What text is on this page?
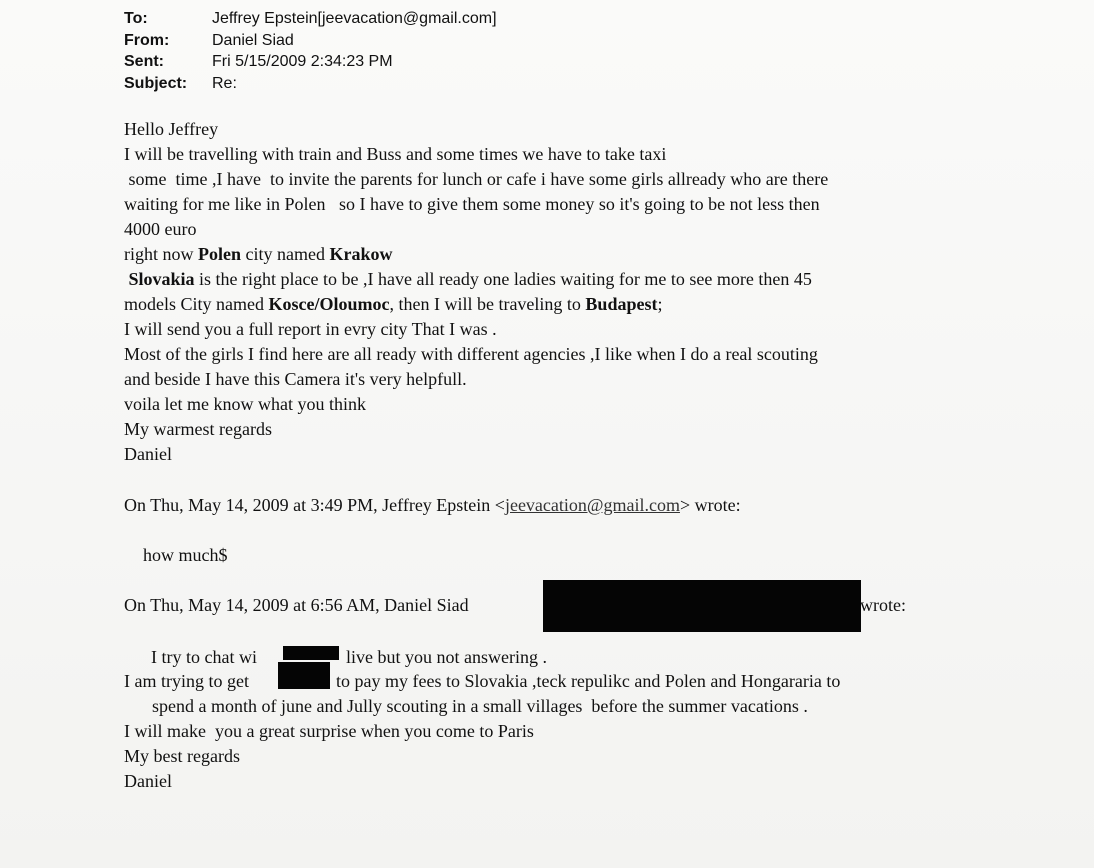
To:	Jeffrey Epstein[jeevacation@gmail.com]
From:	Daniel Siad
Sent:	Fri 5/15/2009 2:34:23 PM
Subject:	Re:
Hello Jeffrey
I will be travelling with train and Buss and some times we have to take taxi
some  time ,I have  to invite the parents for lunch or cafe i have some girls allready who are there
waiting for me like in Polen   so I have to give them some money so it's going to be not less then
4000 euro
right now Polen city named Krakow
Slovakia is the right place to be ,I have all ready one ladies waiting for me to see more then 45
models City named Kosce/Oloumoc, then I will be traveling to Budapest;
I will send you a full report in evry city That I was .
Most of the girls I find here are all ready with different agencies ,I like when I do a real scouting
and beside I have this Camera it's very helpfull.
voila let me know what you think
My warmest regards
Daniel
On Thu, May 14, 2009 at 3:49 PM, Jeffrey Epstein <jeevacation@gmail.com> wrote:
how much$
On Thu, May 14, 2009 at 6:56 AM, Daniel Siad	wrote:
I try to chat wi	live but you not answering .
I am trying to get	to pay my fees to Slovakia ,teck repulikc and Polen and Hongararia to
spend a month of june and Jully scouting in a small villages  before the summer vacations .
I will make  you a great surprise when you come to Paris
My best regards
Daniel
